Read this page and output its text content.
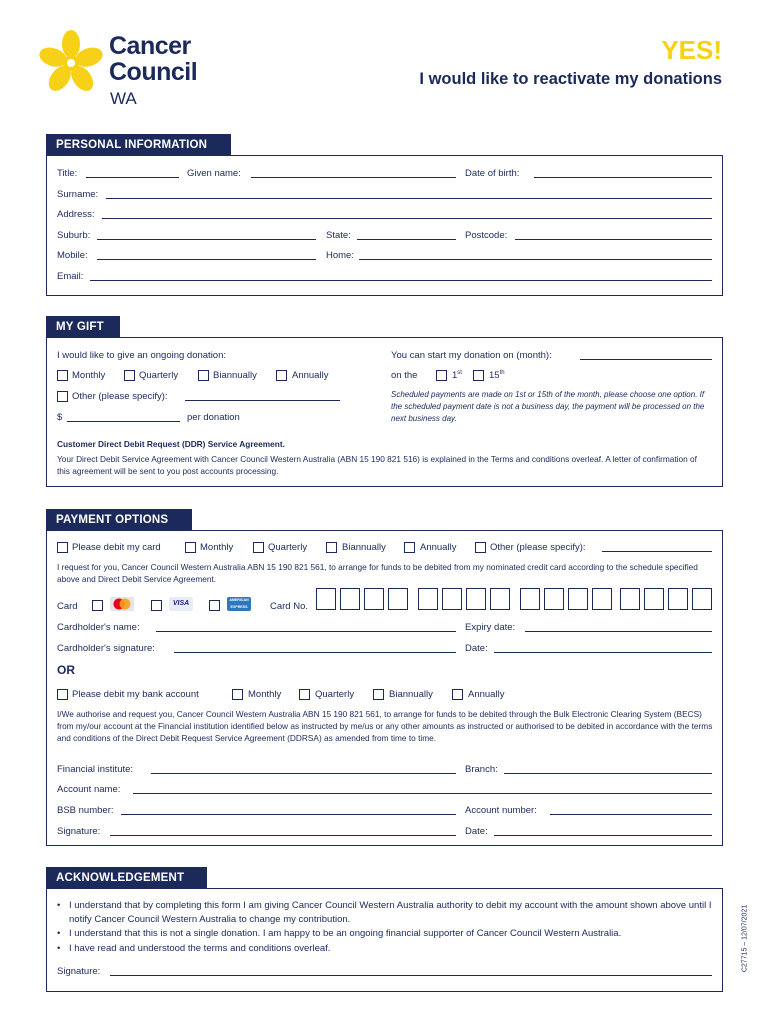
Cancer
Council
WA
YES!
I would like to reactivate my donations
PERSONAL INFORMATION
Title:	Given name:	Date of birth:
Surname:
Address:
Suburb:	State:	Postcode:
Mobile:	Home:
Email:
MY GIFT
I would like to give an ongoing donation:
Monthly	Quarterly	Biannually	Annually
Other (please specify):
$	per donation
You can start my donation on (month):
on the	1st	15th
Scheduled payments are made on 1st or 15th of the month, please choose one option. If the scheduled payment date is not a business day, the payment will be processed on the next business day.
Customer Direct Debit Request (DDR) Service Agreement.
Your Direct Debit Service Agreement with Cancer Council Western Australia (ABN 15 190 821 516) is explained in the Terms and conditions overleaf. A letter of confirmation of this agreement will be sent to you post accounts processing.
PAYMENT OPTIONS
Please debit my card	Monthly	Quarterly	Biannually	Annually	Other (please specify):
I request for you, Cancer Council Western Australia ABN 15 190 821 561, to arrange for funds to be debited from my nominated credit card according to the schedule specified above and Direct Debit Service Agreement.
Card	VISA	AMERICAN EXPRESS	Card No.
Cardholder's name:	Expiry date:
Cardholder's signature:	Date:
OR
Please debit my bank account	Monthly	Quarterly	Biannually	Annually
I/We authorise and request you, Cancer Council Western Australia ABN 15 190 821 561, to arrange for funds to be debited through the Bulk Electronic Clearing System (BECS) from my/our account at the Financial institution identified below as instructed by me/us or any other amounts as instructed or authorised to be debited in accordance with the terms and conditions of the Direct Debit Request Service Agreement (DDRSA) as amended from time to time.
Financial institute:	Branch:
Account name:
BSB number:	Account number:
Signature:	Date:
ACKNOWLEDGEMENT
• I understand that by completing this form I am giving Cancer Council Western Australia authority to debit my account with the amount shown above until I notify Cancer Council Western Australia to change my contribution.
• I understand that this is not a single donation. I am happy to be an ongoing financial supporter of Cancer Council Western Australia.
• I have read and understood the terms and conditions overleaf.
Signature:	C27715 – 12/07/2021
